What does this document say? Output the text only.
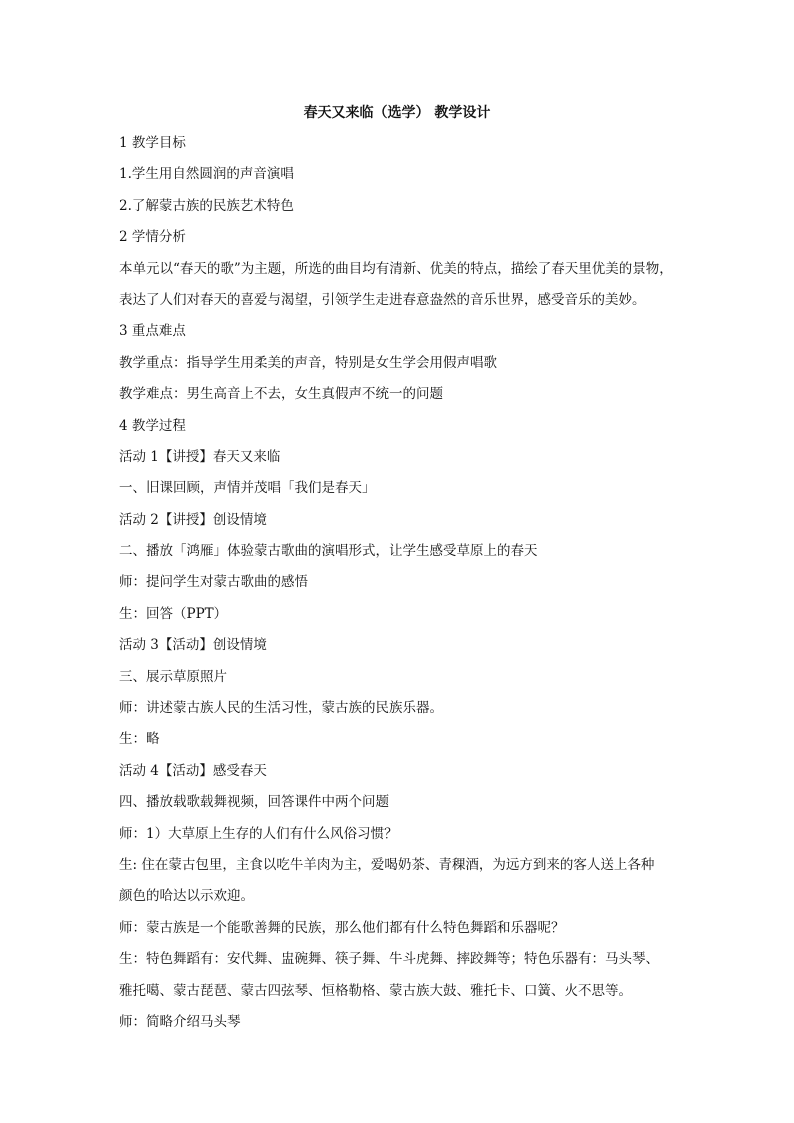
春天又来临（选学） 教学设计
1 教学目标
1.学生用自然圆润的声音演唱
2.了解蒙古族的民族艺术特色
2 学情分析
本单元以“春天的歌”为主题，所选的曲目均有清新、优美的特点，描绘了春天里优美的景物，
表达了人们对春天的喜爱与渴望，引领学生走进春意盎然的音乐世界，感受音乐的美妙。
3 重点难点
教学重点：指导学生用柔美的声音，特别是女生学会用假声唱歌
教学难点：男生高音上不去，女生真假声不统一的问题
4 教学过程
活动 1【讲授】春天又来临
一、旧课回顾，声情并茂唱「我们是春天」
活动 2【讲授】创设情境
二、播放「鸿雁」体验蒙古歌曲的演唱形式，让学生感受草原上的春天
师：提问学生对蒙古歌曲的感悟
生：回答（PPT）
活动 3【活动】创设情境
三、展示草原照片
师：讲述蒙古族人民的生活习性，蒙古族的民族乐器。
生：略
活动 4【活动】感受春天
四、播放载歌载舞视频，回答课件中两个问题
师：1）大草原上生存的人们有什么风俗习惯？
生: 住在蒙古包里，主食以吃牛羊肉为主，爱喝奶茶、青稞酒，为远方到来的客人送上各种
颜色的哈达以示欢迎。
师：蒙古族是一个能歌善舞的民族，那么他们都有什么特色舞蹈和乐器呢？
生：特色舞蹈有：安代舞、盅碗舞、筷子舞、牛斗虎舞、摔跤舞等；特色乐器有：马头琴、
雅托噶、蒙古琵琶、蒙古四弦琴、恒格勒格、蒙古族大鼓、雅托卡、口簧、火不思等。
师：简略介绍马头琴
